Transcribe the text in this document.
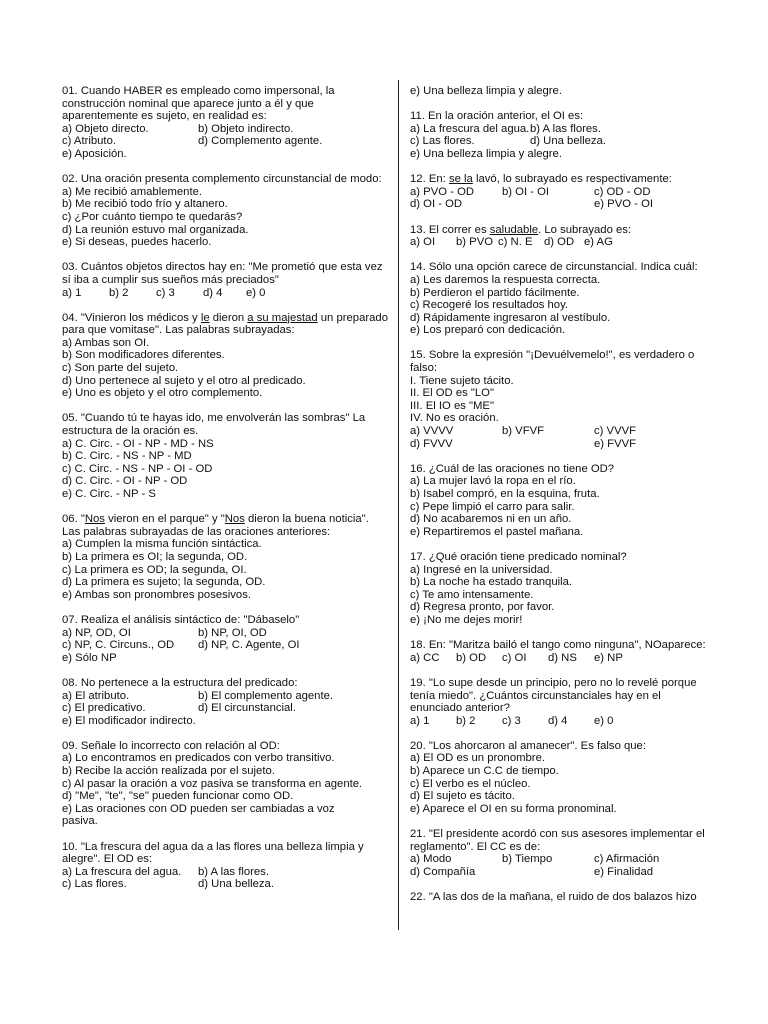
01. Cuando HABER es empleado como impersonal, la construcción nominal que aparece junto a él y que aparentemente es sujeto, en realidad es:
a) Objeto directo.	b) Objeto indirecto.
c) Atributo.	d) Complemento agente.
e) Aposición.
02. Una oración presenta complemento circunstancial de modo:
a) Me recibió amablemente.
b) Me recibió todo frío y altanero.
c) ¿Por cuánto tiempo te quedarás?
d) La reunión estuvo mal organizada.
e) Si deseas, puedes hacerlo.
03. Cuántos objetos directos hay en: "Me prometió que esta vez sí iba a cumplir sus sueños más preciados"
a) 1	b) 2	c) 3	d) 4	e) 0
04. "Vinieron los médicos y le dieron a su majestad un preparado para que vomitase". Las palabras subrayadas:
a) Ambas son OI.
b) Son modificadores diferentes.
c) Son parte del sujeto.
d) Uno pertenece al sujeto y el otro al predicado.
e) Uno es objeto y el otro complemento.
05. "Cuando tú te hayas ido, me envolverán las sombras" La estructura de la oración es.
a) C. Circ. - OI - NP - MD - NS
b) C. Circ. - NS - NP - MD
c) C. Circ. - NS - NP - OI - OD
d) C. Circ. - OI - NP - OD
e) C. Circ. - NP - S
06. "Nos vieron en el parque" y "Nos dieron la buena noticia". Las palabras subrayadas de las oraciones anteriores:
a) Cumplen la misma función sintáctica.
b) La primera es OI; la segunda, OD.
c) La primera es OD; la segunda, OI.
d) La primera es sujeto; la segunda, OD.
e) Ambas son pronombres posesivos.
07. Realiza el análisis sintáctico de: "Dábaselo"
a) NP, OD, OI	b) NP, OI, OD
c) NP, C. Circuns., OD	d) NP, C. Agente, OI
e) Sólo NP
08. No pertenece a la estructura del predicado:
a) El atributo.	b) El complemento agente.
c) El predicativo.	d) El circunstancial.
e) El modificador indirecto.
09. Señale lo incorrecto con relación al OD:
a) Lo encontramos en predicados con verbo transitivo.
b) Recibe la acción realizada por el sujeto.
c) Al pasar la oración a voz pasiva se transforma en agente.
d) "Me", "te", "se" pueden funcionar como OD.
e) Las oraciones con OD pueden ser cambiadas a voz pasiva.
10. "La frescura del agua da a las flores una belleza limpia y alegre". El OD es:
a) La frescura del agua.	b) A las flores.
c) Las flores.	d) Una belleza.
e) Una belleza limpia y alegre.
11. En la oración anterior, el OI es:
a) La frescura del agua. b) A las flores.
c) Las flores.	d) Una belleza.
e) Una belleza limpia y alegre.
12. En: se la lavó, lo subrayado es respectivamente:
a) PVO - OD	b) OI - OI	c) OD - OD
d) OI - OD	e) PVO - OI
13. El correr es saludable. Lo subrayado es:
a) OI	b) PVO c) N. E	d) OD e) AG
14. Sólo una opción carece de circunstancial. Indica cuál:
a) Les daremos la respuesta correcta.
b) Perdieron el partido fácilmente.
c) Recogeré los resultados hoy.
d) Rápidamente ingresaron al vestíbulo.
e) Los preparó con dedicación.
15. Sobre la expresión "¡Devuélvemelo!", es verdadero o falso:
I. Tiene sujeto tácito.
II. El OD es "LO"
III. El IO es "ME"
IV. No es oración.
a) VVVV	b) VFVF	c) VVVF
d) FVVV	e) FVVF
16. ¿Cuál de las oraciones no tiene OD?
a) La mujer lavó la ropa en el río.
b) Isabel compró, en la esquina, fruta.
c) Pepe limpió el carro para salir.
d) No acabaremos ni en un año.
e) Repartiremos el pastel mañana.
17. ¿Qué oración tiene predicado nominal?
a) Ingresé en la universidad.
b) La noche ha estado tranquila.
c) Te amo intensamente.
d) Regresa pronto, por favor.
e) ¡No me dejes morir!
18. En: "Maritza bailó el tango como ninguna", NOaparece:
a) CC	b) OD	c) OI	d) NS	e) NP
19. "Lo supe desde un principio, pero no lo revelé porque tenía miedo". ¿Cuántos circunstanciales hay en el enunciado anterior?
a) 1	b) 2	c) 3	d) 4	e) 0
20. "Los ahorcaron al amanecer". Es falso que:
a) El OD es un pronombre.
b) Aparece un C.C de tiempo.
c) El verbo es el núcleo.
d) El sujeto es tácito.
e) Aparece el OI en su forma pronominal.
21. "El presidente acordó con sus asesores implementar el reglamento". El CC es de:
a) Modo	b) Tiempo	c) Afirmación
d) Compañía	e) Finalidad
22. "A las dos de la mañana, el ruido de dos balazos hizo
